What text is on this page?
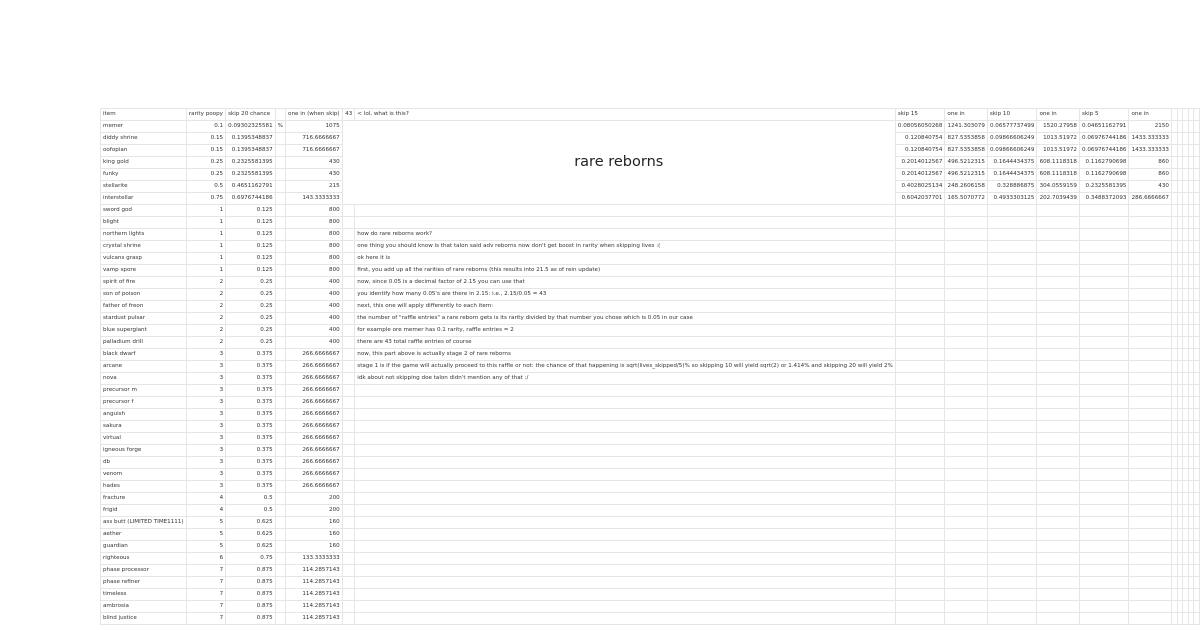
item	rarity poopy	skip 20 chance		one in (when skip)	43	< lol, what is this?	skip 15	one in	skip 10	one in	skip 5	one in					
memer	0.1	0.09302325581	%	1075	rare reborns		0.08056050268	1241.303079	0.06577737499	1520.27958	0.04651162791	2150					
diddy shrine	0.15	0.1395348837		716.6666667			0.120840754	827.5353858	0.09866606249	1013.51972	0.06976744186	1433.333333					
oofopian	0.15	0.1395348837		716.6666667			0.120840754	827.5353858	0.09866606249	1013.51972	0.06976744186	1433.333333					
king gold	0.25	0.2325581395		430			0.2014012567	496.5212315	0.1644434375	608.1118318	0.1162790698	860					
funky	0.25	0.2325581395		430			0.2014012567	496.5212315	0.1644434375	608.1118318	0.1162790698	860					
stellarite	0.5	0.4651162791		215			0.4028025134	248.2606158	0.328886875	304.0559159	0.2325581395	430					
interstellar	0.75	0.6976744186		143.3333333			0.6042037701	165.5070772	0.4933303125	202.7039439	0.3488372093	286.6666667					
sword god	1	0.125		800													
blight	1	0.125		800													
northern lights	1	0.125		800		how do rare reborns work?											
crystal shrine	1	0.125		800		one thing you should know is that talon said adv reborns now don't get boost in rarity when skipping lives :(											
vulcans grasp	1	0.125		800		ok here it is											
vamp spore	1	0.125		800		first, you add up all the rarities of rare reborns (this results into 21.5 as of rein update)											
spirit of fire	2	0.25		400		now, since 0.05 is a decimal factor of 2.15 you can use that											
son of poison	2	0.25		400		you identify how many 0.05's are there in 2.15: i.e., 2.15/0.05 = 43											
father of freon	2	0.25		400		next, this one will apply differently to each item:											
stardust pulsar	2	0.25		400		the number of "raffle entries" a rare reborn gets is its rarity divided by that number you chose which is 0.05 in our case											
blue supergiant	2	0.25		400		for example ore memer has 0.1 rarity, raffle entries = 2											
palladium drill	2	0.25		400		there are 43 total raffle entries of course											
black dwarf	3	0.375		266.6666667		now, this part above is actually stage 2 of rare reborns											
arcane	3	0.375		266.6666667		stage 1 is if the game will actually proceed to this raffle or not: the chance of that happening is sqrt(lives_skipped/5)% so skipping 10 will yield sqrt(2) or 1.414% and skipping 20 will yield 2%											
nova	3	0.375		266.6666667		idk about not skipping doe talon didn't mention any of that :/											
precursor m	3	0.375		266.6666667													
precursor f	3	0.375		266.6666667													
anguish	3	0.375		266.6666667													
sakura	3	0.375		266.6666667													
virtual	3	0.375		266.6666667													
igneous forge	3	0.375		266.6666667													
db	3	0.375		266.6666667													
venom	3	0.375		266.6666667													
hades	3	0.375		266.6666667													
fracture	4	0.5		200													
frigid	4	0.5		200													
ass butt (LIMITED TIME1111)	5	0.625		160													
aether	5	0.625		160													
guardian	5	0.625		160													
righteous	6	0.75		133.3333333													
phase processor	7	0.875		114.2857143													
phase refiner	7	0.875		114.2857143													
timeless	7	0.875		114.2857143													
ambrosia	7	0.875		114.2857143													
blind justice	7	0.875		114.2857143													
